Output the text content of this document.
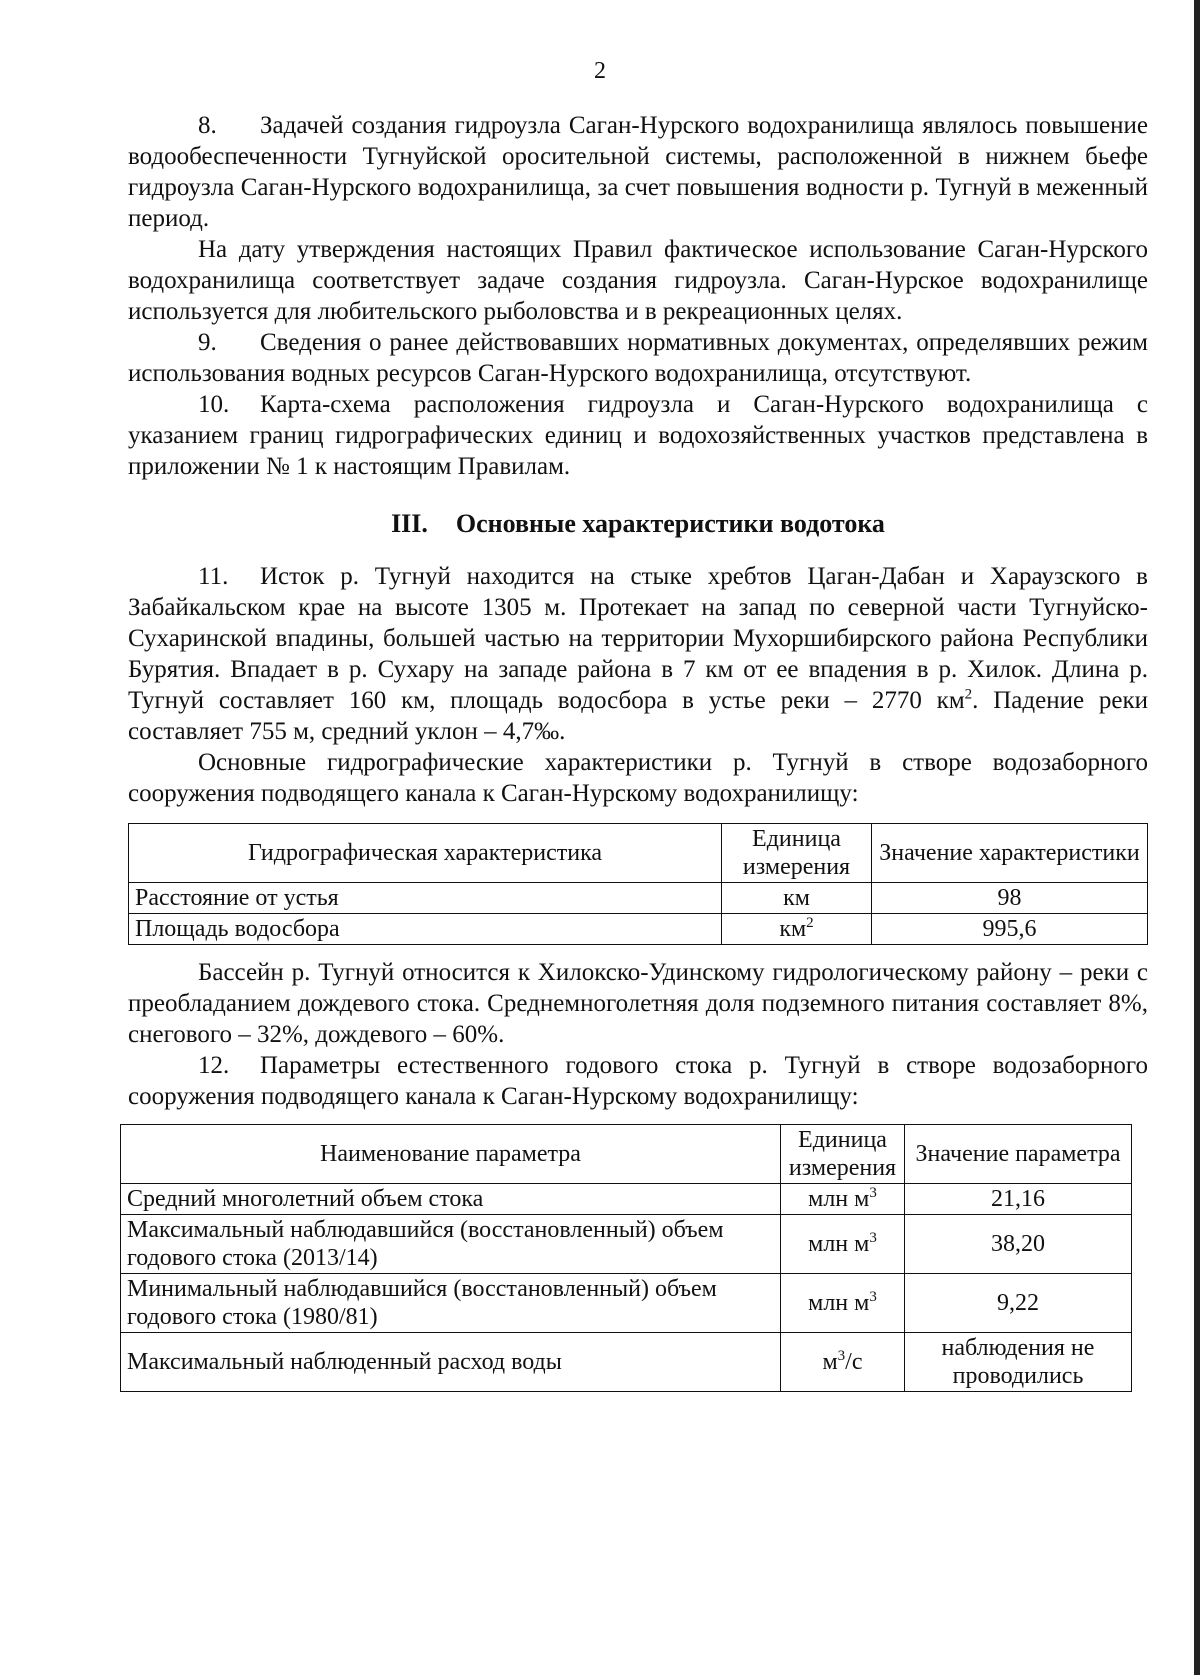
2

8. Задачей создания гидроузла Саган-Нурского водохранилища являлось повышение водообеспеченности Тугнуйской оросительной системы, расположенной в нижнем бьефе гидроузла Саган-Нурского водохранилища, за счет повышения водности р. Тугнуй в меженный период.

На дату утверждения настоящих Правил фактическое использование Саган-Нурского водохранилища соответствует задаче создания гидроузла. Саган-Нурское водохранилище используется для любительского рыболовства и в рекреационных целях.

9. Сведения о ранее действовавших нормативных документах, определявших режим использования водных ресурсов Саган-Нурского водохранилища, отсутствуют.

10. Карта-схема расположения гидроузла и Саган-Нурского водохранилища с указанием границ гидрографических единиц и водохозяйственных участков представлена в приложении № 1 к настоящим Правилам.

III. Основные характеристики водотока

11. Исток р. Тугнуй находится на стыке хребтов Цаган-Дабан и Хараузского в Забайкальском крае на высоте 1305 м. Протекает на запад по северной части Тугнуйско-Сухаринской впадины, большей частью на территории Мухоршибирского района Республики Бурятия. Впадает в р. Сухару на западе района в 7 км от ее впадения в р. Хилок. Длина р. Тугнуй составляет 160 км, площадь водосбора в устье реки – 2770 $км^2$. Падение реки составляет 755 м, средний уклон – 4,7‰.

Основные гидрографические характеристики р. Тугнуй в створе водозаборного сооружения подводящего канала к Саган-Нурскому водохранилищу:

Гидрографическая характеристика	Единица измерения	Значение характеристики
Расстояние от устья	км	98
Площадь водосбора	$км^2$	995,6

Бассейн р. Тугнуй относится к Хилокско-Удинскому гидрологическому району – реки с преобладанием дождевого стока. Среднемноголетняя доля подземного питания составляет 8%, снегового – 32%, дождевого – 60%.

12. Параметры естественного годового стока р. Тугнуй в створе водозаборного сооружения подводящего канала к Саган-Нурскому водохранилищу:

Наименование параметра	Единица измерения	Значение параметра
Средний многолетний объем стока	млн $м^3$	21,16
Максимальный наблюдавшийся (восстановленный) объем годового стока (2013/14)	млн $м^3$	38,20
Минимальный наблюдавшийся (восстановленный) объем годового стока (1980/81)	млн $м^3$	9,22
Максимальный наблюденный расход воды	$м^3/с$	наблюдения не проводились
